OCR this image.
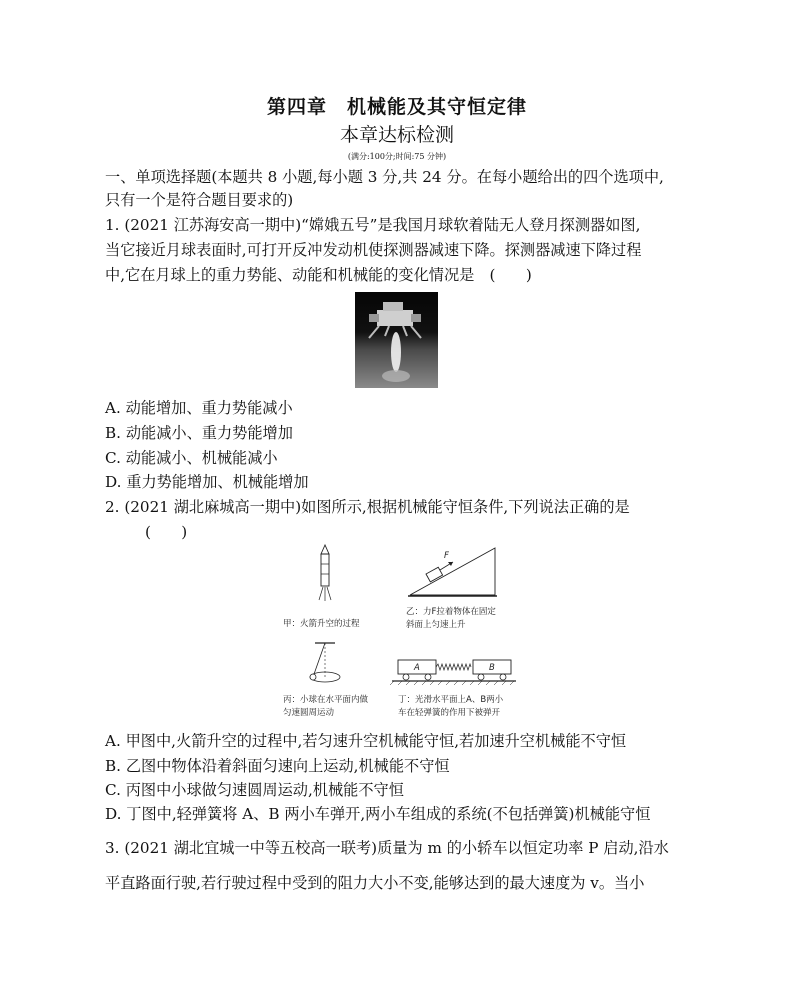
第四章　机械能及其守恒定律
本章达标检测
(满分:100分;时间:75 分钟)
一、单项选择题(本题共 8 小题,每小题 3 分,共 24 分。在每小题给出的四个选项中,
只有一个是符合题目要求的)
1. (2021 江苏海安高一期中)“嫦娥五号”是我国月球软着陆无人登月探测器如图,
当它接近月球表面时,可打开反冲发动机使探测器减速下降。探测器减速下降过程
中,它在月球上的重力势能、动能和机械能的变化情况是　(　　)
A. 动能增加、重力势能减小
B. 动能减小、重力势能增加
C. 动能减小、机械能减小
D. 重力势能增加、机械能增加
2. (2021 湖北麻城高一期中)如图所示,根据机械能守恒条件,下列说法正确的是
(　　)
甲：火箭升空的过程
F
乙：力F拉着物体在固定
斜面上匀速上升
丙：小球在水平面内做
匀速圆周运动
A	B
丁：光滑水平面上A、B两小
车在轻弹簧的作用下被弹开
A. 甲图中,火箭升空的过程中,若匀速升空机械能守恒,若加速升空机械能不守恒
B. 乙图中物体沿着斜面匀速向上运动,机械能不守恒
C. 丙图中小球做匀速圆周运动,机械能不守恒
D. 丁图中,轻弹簧将 A、B 两小车弹开,两小车组成的系统(不包括弹簧)机械能守恒
3. (2021 湖北宜城一中等五校高一联考)质量为 m 的小轿车以恒定功率 P 启动,沿水
平直路面行驶,若行驶过程中受到的阻力大小不变,能够达到的最大速度为 v。当小
